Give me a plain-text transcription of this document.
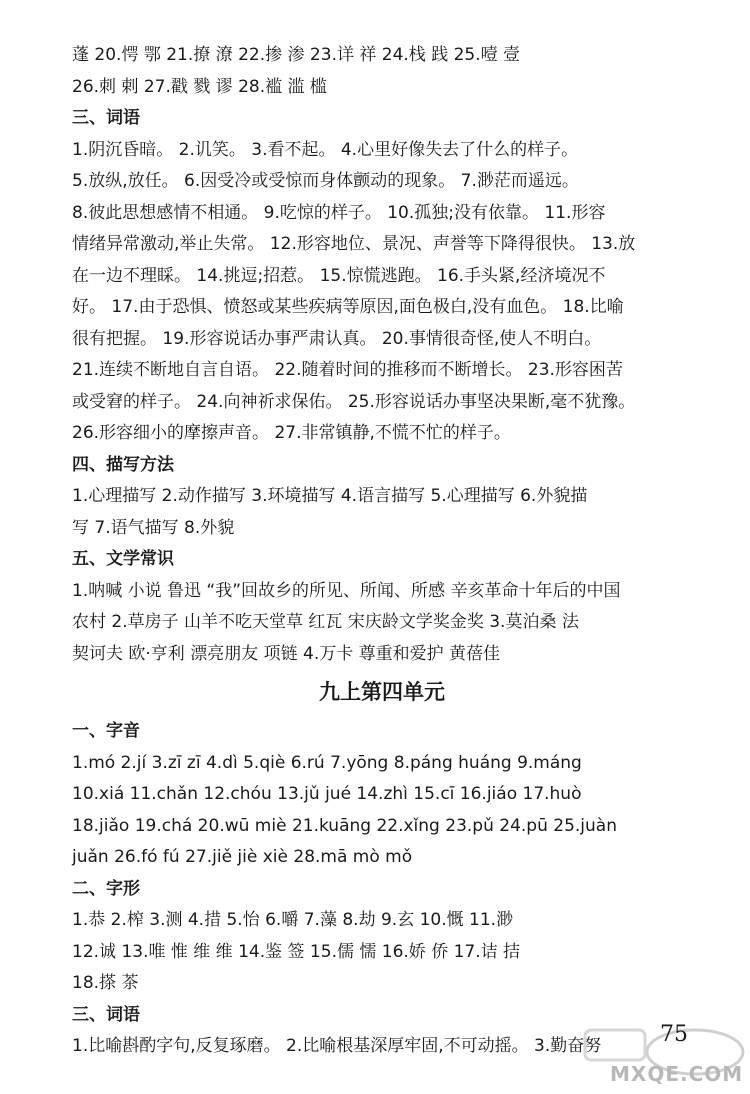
蓬 20.愕 鄂 21.撩 潦 22.掺 渗 23.详 祥 24.栈 践 25.噎 壹
26.刺 剌 27.戳 戮 谬 28.褴 滥 槛
三、词语
1.阴沉昏暗。 2.讥笑。 3.看不起。 4.心里好像失去了什么的样子。
5.放纵,放任。 6.因受冷或受惊而身体颤动的现象。 7.渺茫而遥远。
8.彼此思想感情不相通。 9.吃惊的样子。 10.孤独;没有依靠。 11.形容
情绪异常激动,举止失常。 12.形容地位、景况、声誉等下降得很快。 13.放
在一边不理睬。 14.挑逗;招惹。 15.惊慌逃跑。 16.手头紧,经济境况不
好。 17.由于恐惧、愤怒或某些疾病等原因,面色极白,没有血色。 18.比喻
很有把握。 19.形容说话办事严肃认真。 20.事情很奇怪,使人不明白。
21.连续不断地自言自语。 22.随着时间的推移而不断增长。 23.形容困苦
或受窘的样子。 24.向神祈求保佑。 25.形容说话办事坚决果断,毫不犹豫。
26.形容细小的摩擦声音。 27.非常镇静,不慌不忙的样子。
四、描写方法
1.心理描写 2.动作描写 3.环境描写 4.语言描写 5.心理描写 6.外貌描
写 7.语气描写 8.外貌
五、文学常识
1.呐喊 小说 鲁迅 “我”回故乡的所见、所闻、所感 辛亥革命十年后的中国
农村 2.草房子 山羊不吃天堂草 红瓦 宋庆龄文学奖金奖 3.莫泊桑 法
契诃夫 欧·亨利 漂亮朋友 项链 4.万卡 尊重和爱护 黄蓓佳
九上第四单元
一、字音
1.mó 2.jí 3.zī zī 4.dì 5.qiè 6.rú 7.yōng 8.páng huáng 9.máng
10.xiá 11.chǎn 12.chóu 13.jǔ jué 14.zhì 15.cī 16.jiáo 17.huò
18.jiǎo 19.chá 20.wū miè 21.kuāng 22.xǐng 23.pǔ 24.pū 25.juàn
juǎn 26.fó fú 27.jiě jiè xiè 28.mā mò mǒ
二、字形
1.恭 2.榨 3.测 4.措 5.怡 6.嚼 7.藻 8.劫 9.玄 10.慨 11.渺
12.诚 13.唯 惟 维 维 14.鉴 签 15.儒 懦 16.娇 侨 17.诘 拮
18.搽 茶
三、词语
1.比喻斟酌字句,反复琢磨。 2.比喻根基深厚牢固,不可动摇。 3.勤奋努	75
MXQE.COM
